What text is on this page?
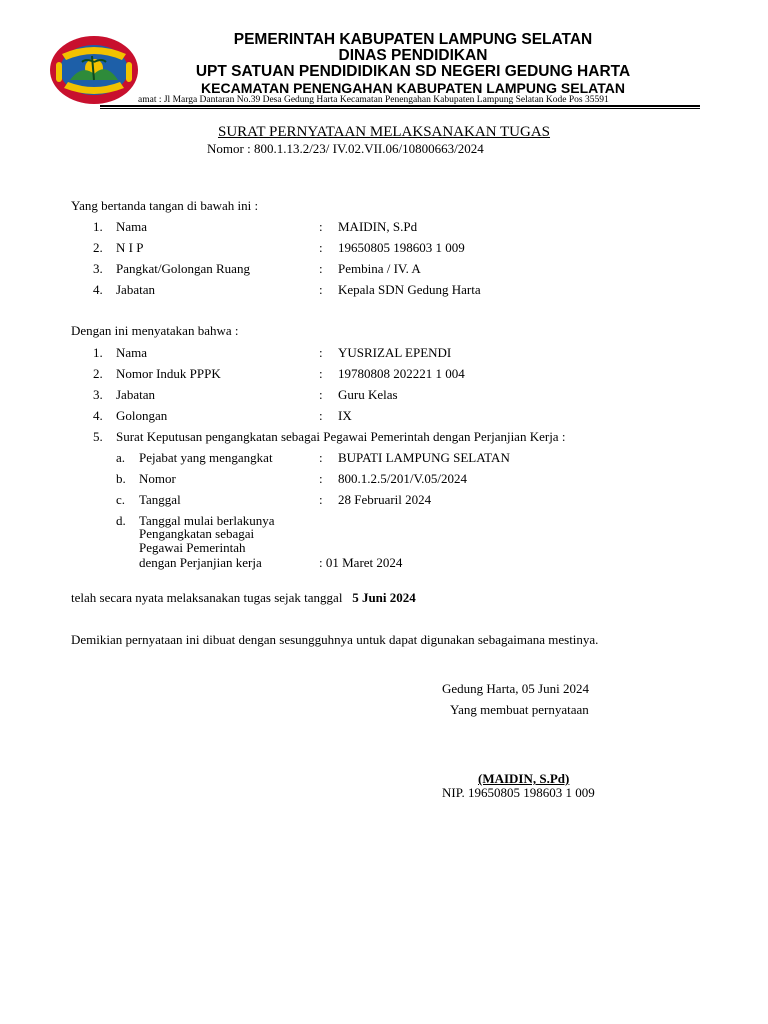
PEMERINTAH KABUPATEN LAMPUNG SELATAN
DINAS PENDIDIKAN
UPT SATUAN PENDIDIDIKAN SD NEGERI GEDUNG HARTA
KECAMATAN PENENGAHAN KABUPATEN LAMPUNG SELATAN
amat : Jl Marga Dantaran No.39 Desa Gedung Harta Kecamatan Penengahan Kabupaten Lampung Selatan Kode Pos 35591
SURAT PERNYATAAN MELAKSANAKAN TUGAS
Nomor : 800.1.13.2/23/ IV.02.VII.06/10800663/2024
Yang bertanda tangan di bawah ini :
1. Nama	: MAIDIN, S.Pd
2. N I P	: 19650805 198603 1 009
3. Pangkat/Golongan Ruang	: Pembina / IV. A
4. Jabatan	: Kepala SDN Gedung Harta
Dengan ini menyatakan bahwa :
1. Nama	: YUSRIZAL EPENDI
2. Nomor Induk PPPK	: 19780808 202221 1 004
3. Jabatan	: Guru Kelas
4. Golongan	: IX
5. Surat Keputusan pengangkatan sebagai Pegawai Pemerintah dengan Perjanjian Kerja :
a. Pejabat yang mengangkat	: BUPATI LAMPUNG SELATAN
b. Nomor	: 800.1.2.5/201/V.05/2024
c. Tanggal	: 28 Februaril 2024
d. Tanggal mulai berlakunya
Pengangkatan sebagai
Pegawai Pemerintah
dengan Perjanjian kerja	: 01 Maret 2024
telah secara nyata melaksanakan tugas sejak tanggal 5 Juni 2024
Demikian pernyataan ini dibuat dengan sesungguhnya untuk dapat digunakan sebagaimana mestinya.
Gedung Harta, 05 Juni 2024
Yang membuat pernyataan
(MAIDIN, S.Pd)
NIP. 19650805 198603 1 009
